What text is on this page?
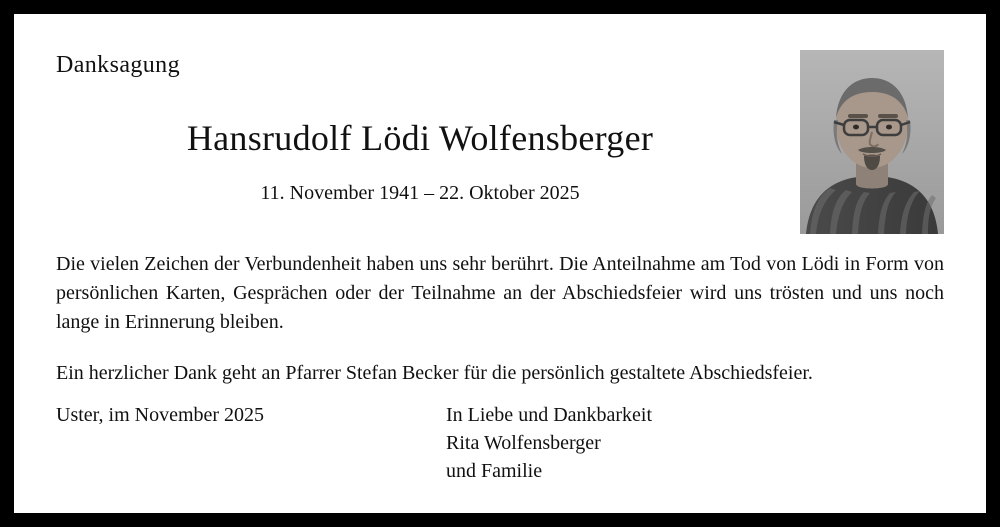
Danksagung
Hansrudolf Lödi Wolfensberger
11. November 1941 – 22. Oktober 2025

Die vielen Zeichen der Verbundenheit haben uns sehr berührt. Die Anteilnahme am Tod von Lödi in Form von persönlichen Karten, Gesprächen oder der Teilnahme an der Abschiedsfeier wird uns trösten und uns noch lange in Erinnerung bleiben.

Ein herzlicher Dank geht an Pfarrer Stefan Becker für die persönlich gestaltete Abschiedsfeier.

Uster, im November 2025	In Liebe und Dankbarkeit
Rita Wolfensberger
und Familie
